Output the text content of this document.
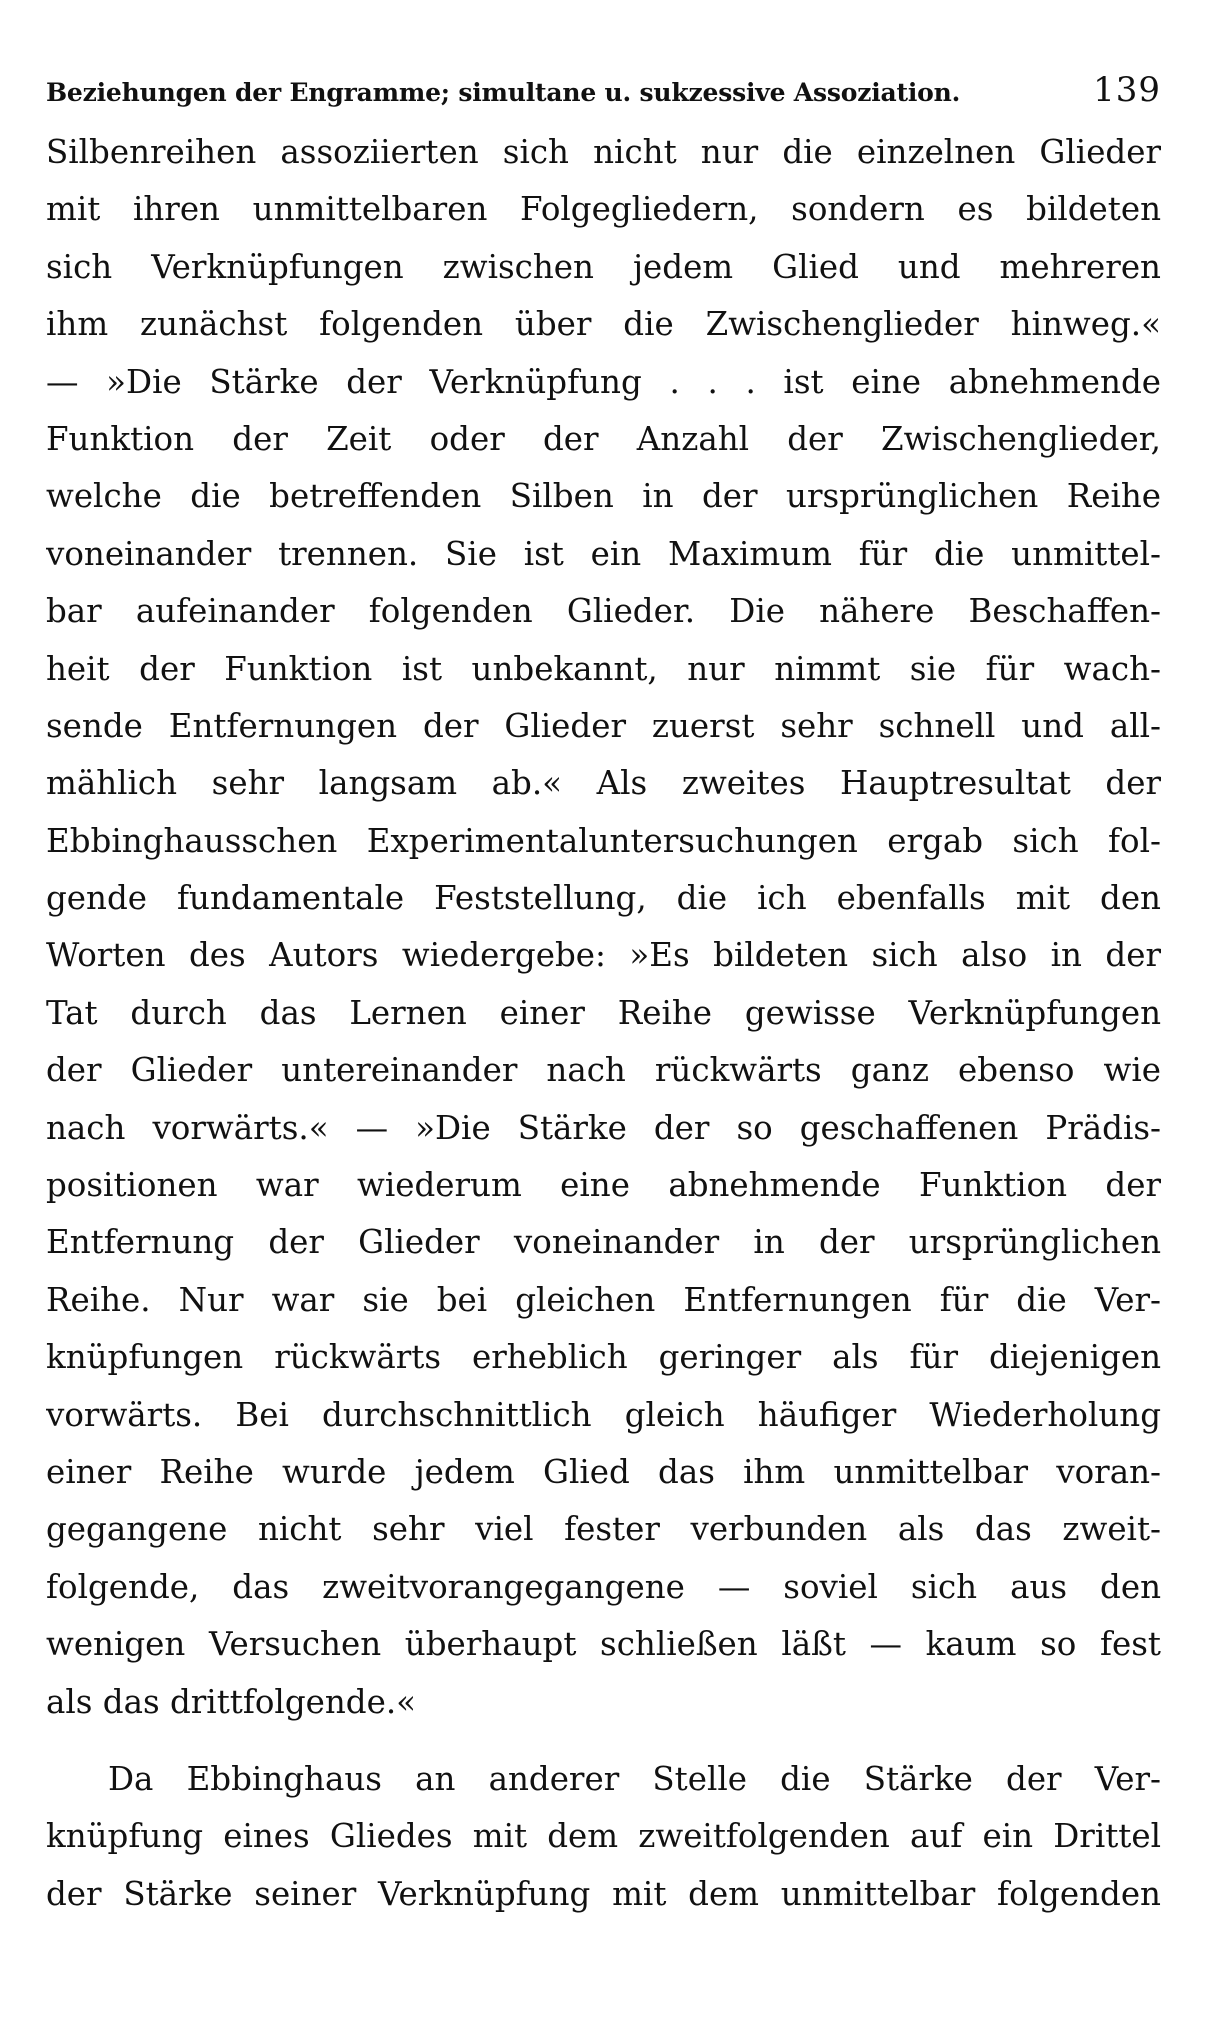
Beziehungen der Engramme; simultane u. sukzessive Assoziation.	139
Silbenreihen assoziierten sich nicht nur die einzelnen Glieder
mit ihren unmittelbaren Folgegliedern, sondern es bildeten
sich Verknüpfungen zwischen jedem Glied und mehreren
ihm zunächst folgenden über die Zwischenglieder hinweg.«
— »Die Stärke der Verknüpfung . . . ist eine abnehmende
Funktion der Zeit oder der Anzahl der Zwischenglieder,
welche die betreffenden Silben in der ursprünglichen Reihe
voneinander trennen. Sie ist ein Maximum für die unmittel-
bar aufeinander folgenden Glieder. Die nähere Beschaffen-
heit der Funktion ist unbekannt, nur nimmt sie für wach-
sende Entfernungen der Glieder zuerst sehr schnell und all-
mählich sehr langsam ab.« Als zweites Hauptresultat der
Ebbinghausschen Experimentaluntersuchungen ergab sich fol-
gende fundamentale Feststellung, die ich ebenfalls mit den
Worten des Autors wiedergebe: »Es bildeten sich also in der
Tat durch das Lernen einer Reihe gewisse Verknüpfungen
der Glieder untereinander nach rückwärts ganz ebenso wie
nach vorwärts.« — »Die Stärke der so geschaffenen Prädis-
positionen war wiederum eine abnehmende Funktion der
Entfernung der Glieder voneinander in der ursprünglichen
Reihe. Nur war sie bei gleichen Entfernungen für die Ver-
knüpfungen rückwärts erheblich geringer als für diejenigen
vorwärts. Bei durchschnittlich gleich häufiger Wiederholung
einer Reihe wurde jedem Glied das ihm unmittelbar voran-
gegangene nicht sehr viel fester verbunden als das zweit-
folgende, das zweitvorangegangene — soviel sich aus den
wenigen Versuchen überhaupt schließen läßt — kaum so fest
als das drittfolgende.«
Da Ebbinghaus an anderer Stelle die Stärke der Ver-
knüpfung eines Gliedes mit dem zweitfolgenden auf ein Drittel
der Stärke seiner Verknüpfung mit dem unmittelbar folgenden
